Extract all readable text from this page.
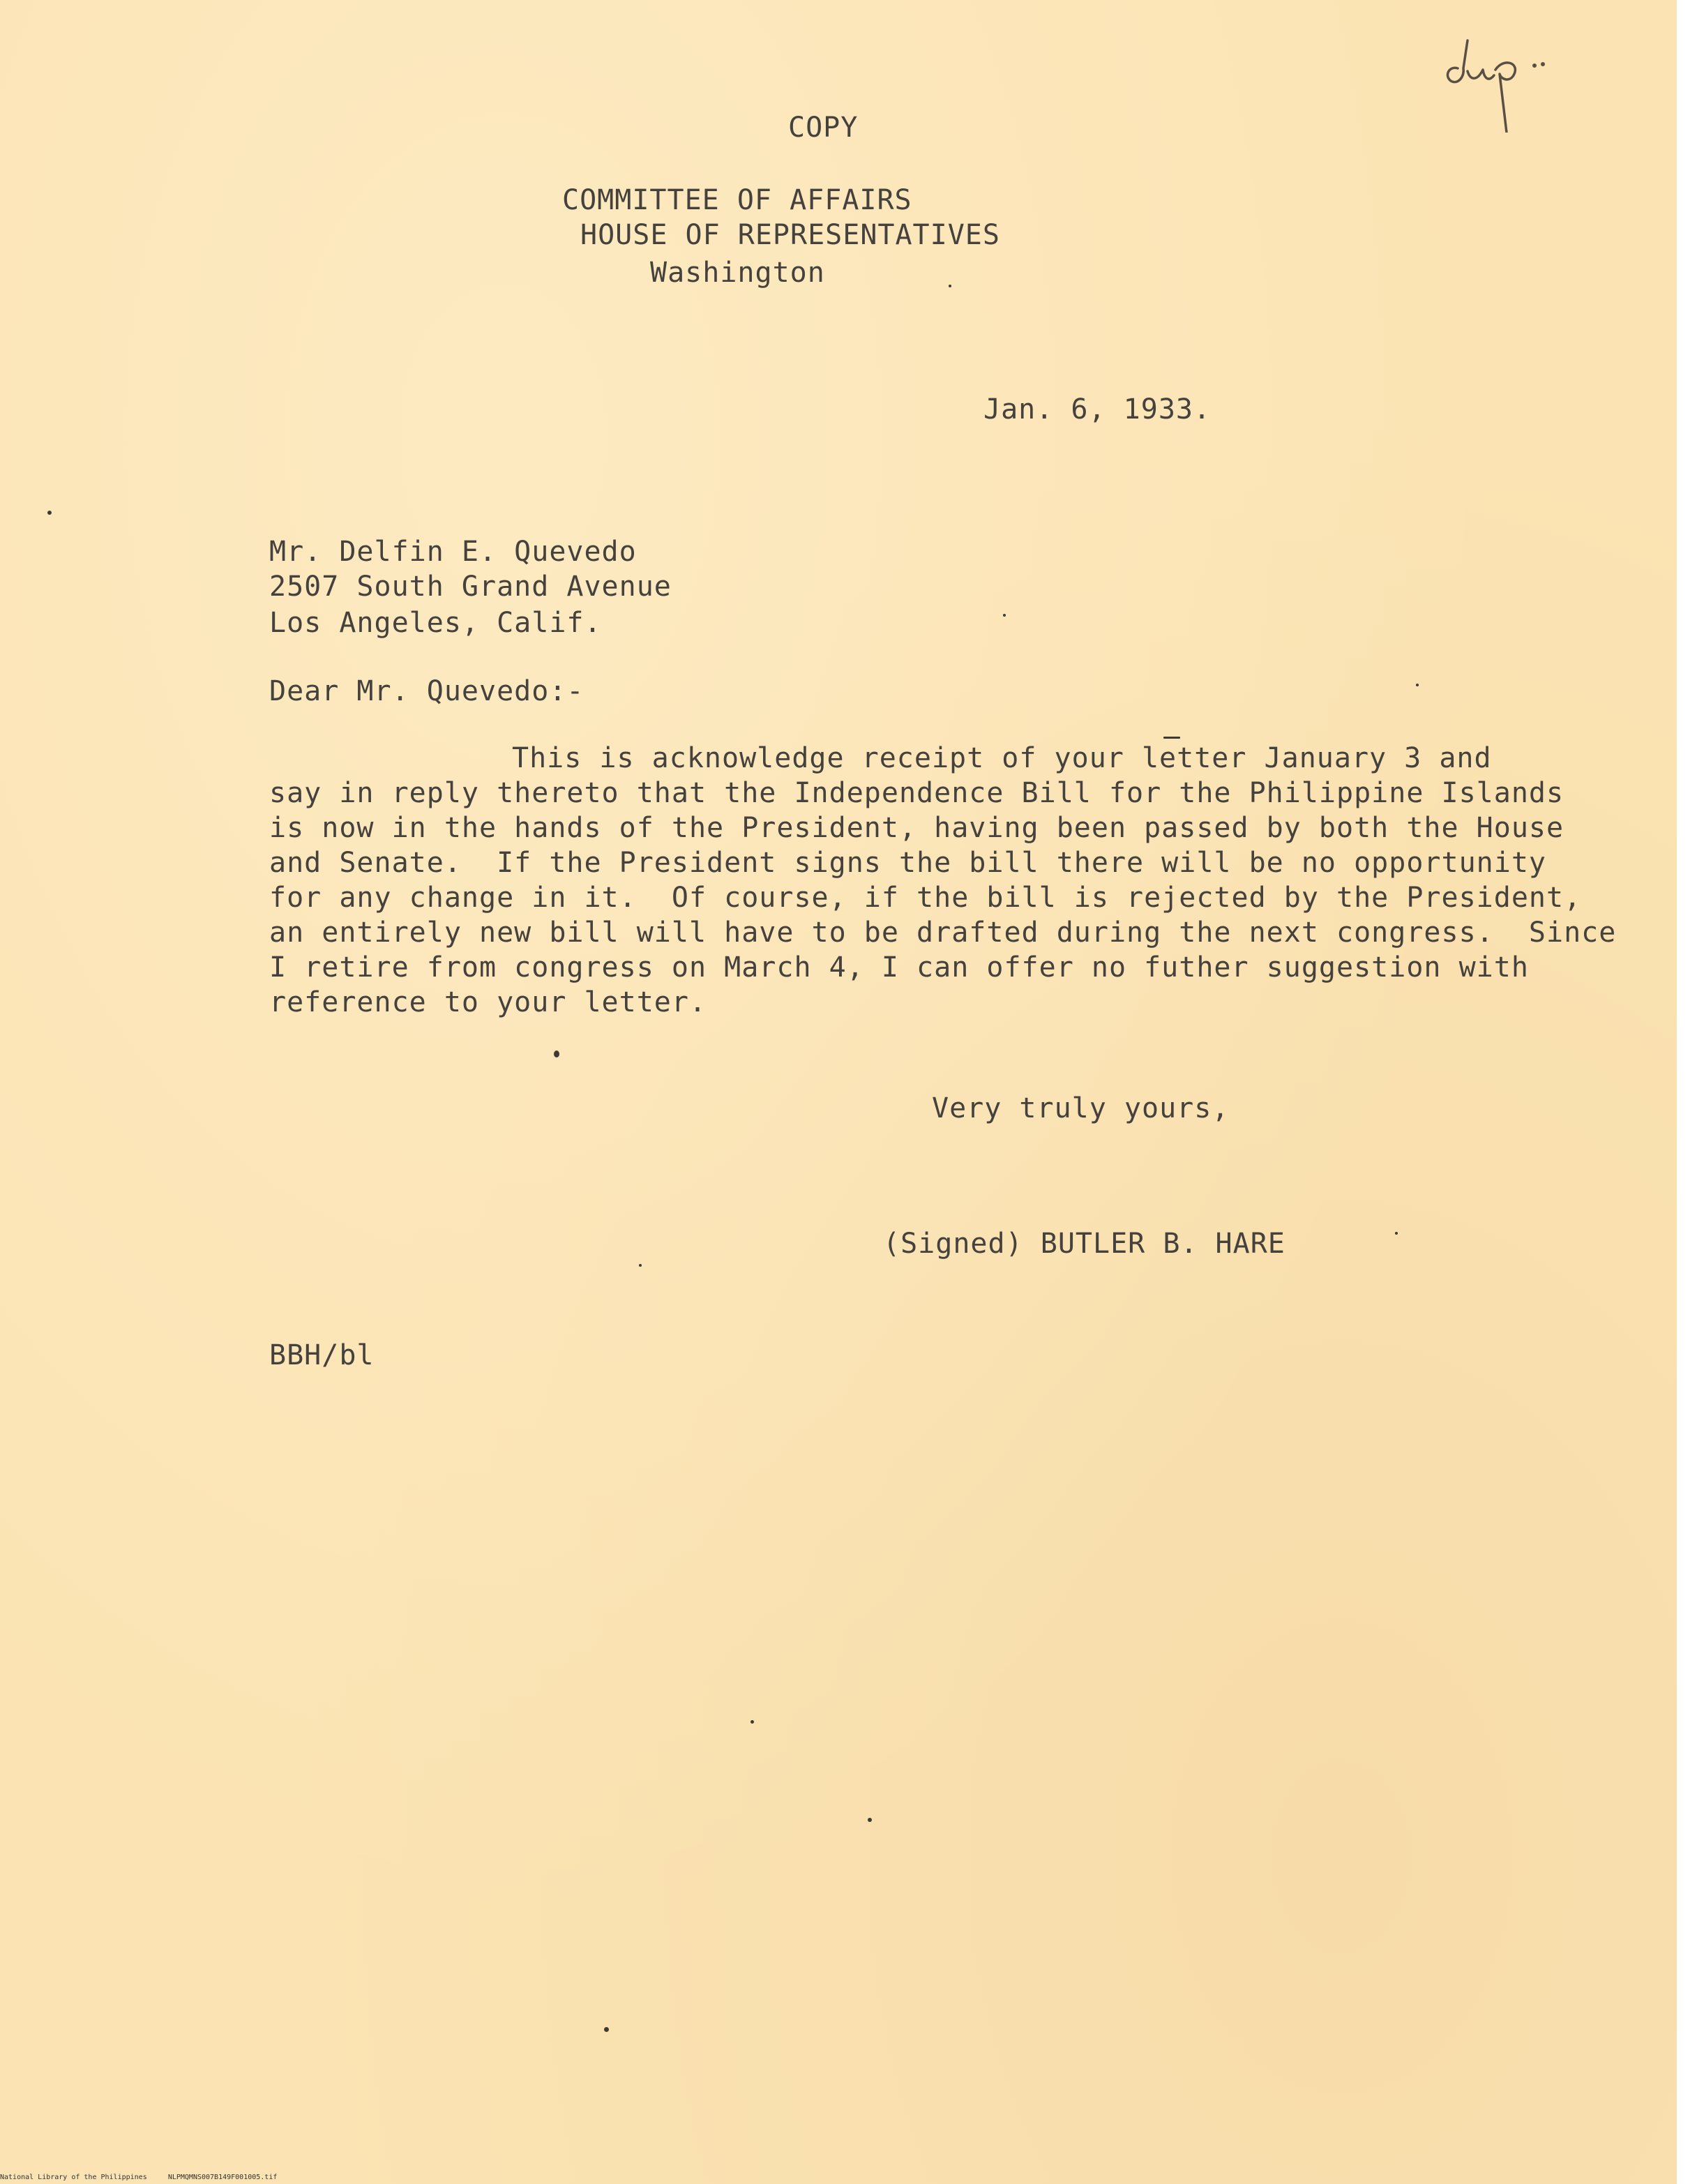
COPY
COMMITTEE OF AFFAIRS
HOUSE OF REPRESENTATIVES
Washington
Jan. 6, 1933.
Mr. Delfin E. Quevedo
2507 South Grand Avenue
Los Angeles, Calif.
Dear Mr. Quevedo:-
This is acknowledge receipt of your letter January 3 and
say in reply thereto that the Independence Bill for the Philippine Islands
is now in the hands of the President, having been passed by both the House
and Senate.  If the President signs the bill there will be no opportunity
for any change in it.  Of course, if the bill is rejected by the President,
an entirely new bill will have to be drafted during the next congress.  Since
I retire from congress on March 4, I can offer no futher suggestion with
reference to your letter.
Very truly yours,
(Signed) BUTLER B. HARE
BBH/bl
National Library of the Philippines     NLPMQMNS007B149F001005.tif
